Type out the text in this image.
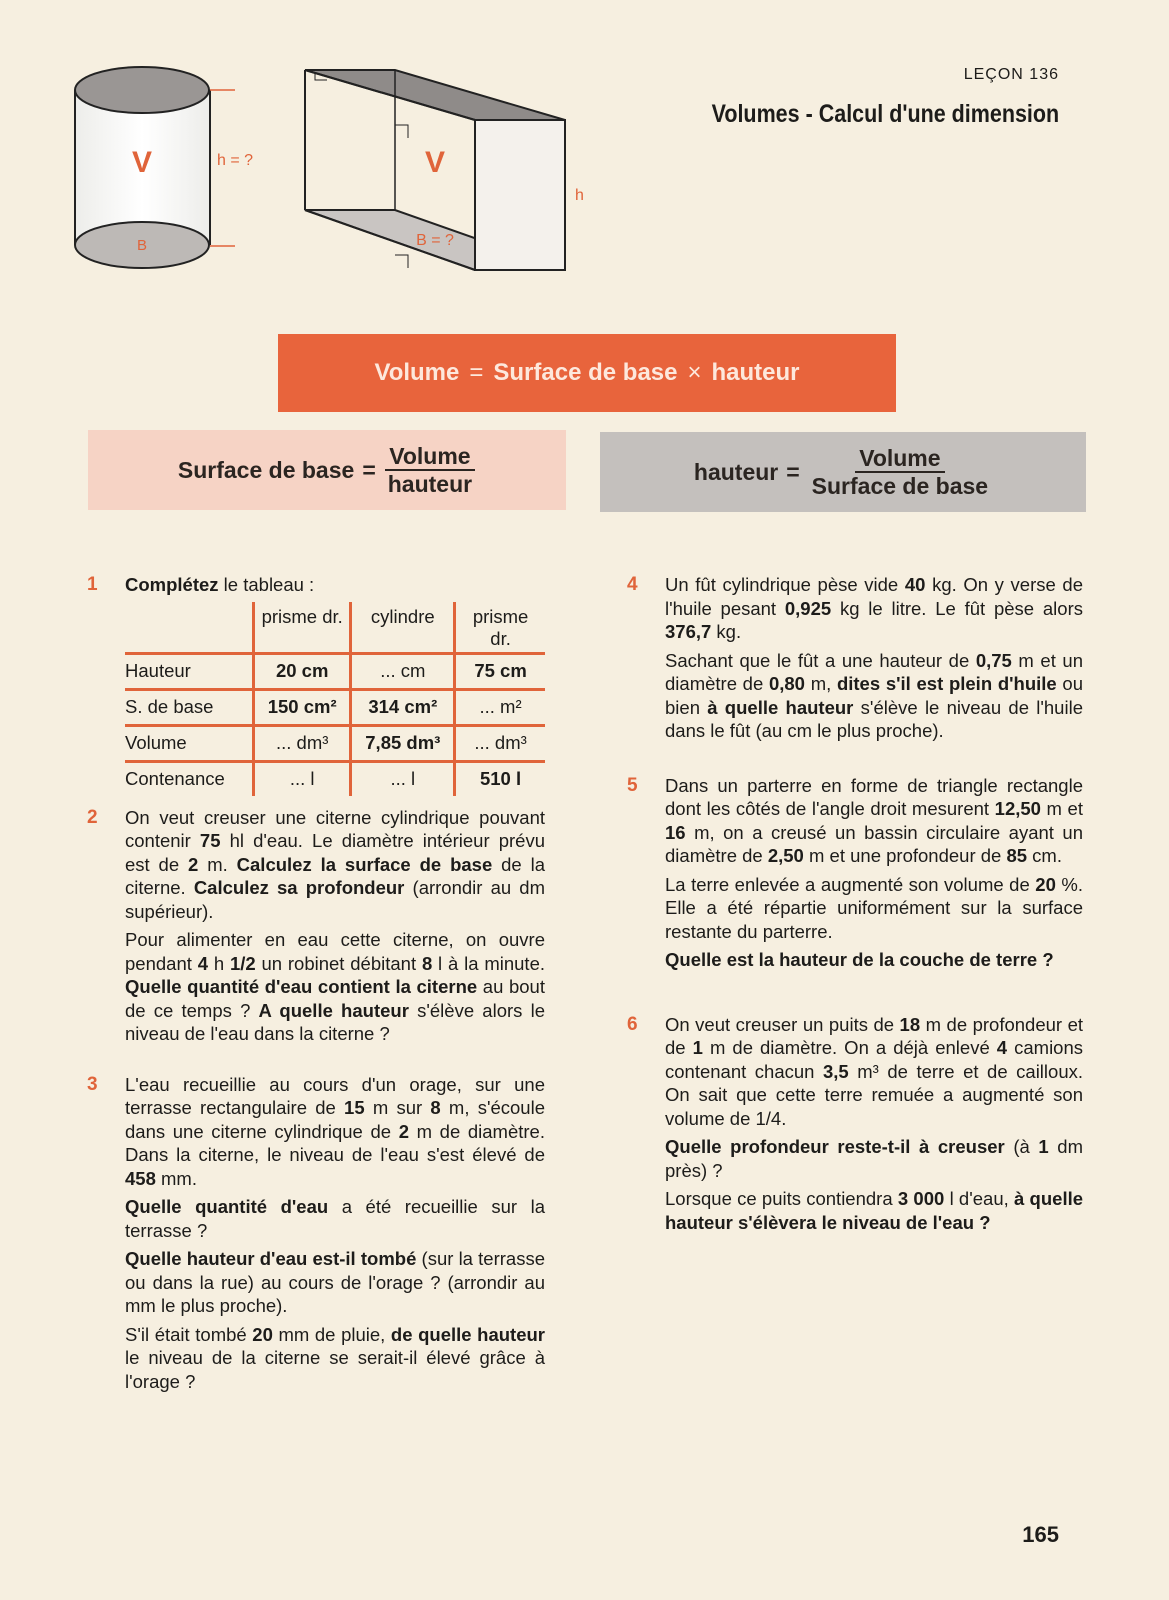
V	h = ?
B
V
h
B = ?
LEÇON 136
Volumes - Calcul d'une dimension
Volume = Surface de base × hauteur
Surface de base = $\frac{\text{Volume}}{\text{hauteur}}$	hauteur = $\frac{\text{Volume}}{\text{Surface de base}}$
1 Complétez le tableau :

	prisme dr.	cylindre	prisme dr.
Hauteur	20 cm	... cm	75 cm
S. de base	150 cm²	314 cm²	... m²
Volume	... dm³	7,85 dm³	... dm³
Contenance	... l	... l	510 l
2 On veut creuser une citerne cylindrique pouvant contenir 75 hl d'eau. Le diamètre intérieur prévu est de 2 m. Calculez la surface de base de la citerne. Calculez sa profondeur (arrondir au dm supérieur).

Pour alimenter en eau cette citerne, on ouvre pendant 4 h 1/2 un robinet débitant 8 l à la minute. Quelle quantité d'eau contient la citerne au bout de ce temps ? A quelle hauteur s'élève alors le niveau de l'eau dans la citerne ?

3 L'eau recueillie au cours d'un orage, sur une terrasse rectangulaire de 15 m sur 8 m, s'écoule dans une citerne cylindrique de 2 m de diamètre. Dans la citerne, le niveau de l'eau s'est élevé de 458 mm.

Quelle quantité d'eau a été recueillie sur la terrasse ?

Quelle hauteur d'eau est-il tombé (sur la terrasse ou dans la rue) au cours de l'orage ? (arrondir au mm le plus proche).

S'il était tombé 20 mm de pluie, de quelle hauteur le niveau de la citerne se serait-il élevé grâce à l'orage ?

4 Un fût cylindrique pèse vide 40 kg. On y verse de l'huile pesant 0,925 kg le litre. Le fût pèse alors 376,7 kg.

Sachant que le fût a une hauteur de 0,75 m et un diamètre de 0,80 m, dites s'il est plein d'huile ou bien à quelle hauteur s'élève le niveau de l'huile dans le fût (au cm le plus proche).

5 Dans un parterre en forme de triangle rectangle dont les côtés de l'angle droit mesurent 12,50 m et 16 m, on a creusé un bassin circulaire ayant un diamètre de 2,50 m et une profondeur de 85 cm.

La terre enlevée a augmenté son volume de 20 %. Elle a été répartie uniformément sur la surface restante du parterre.

Quelle est la hauteur de la couche de terre ?

6 On veut creuser un puits de 18 m de profondeur et de 1 m de diamètre. On a déjà enlevé 4 camions contenant chacun 3,5 m³ de terre et de cailloux. On sait que cette terre remuée a augmenté son volume de 1/4.

Quelle profondeur reste-t-il à creuser (à 1 dm près) ?

Lorsque ce puits contiendra 3 000 l d'eau, à quelle hauteur s'élèvera le niveau de l'eau ?

165
